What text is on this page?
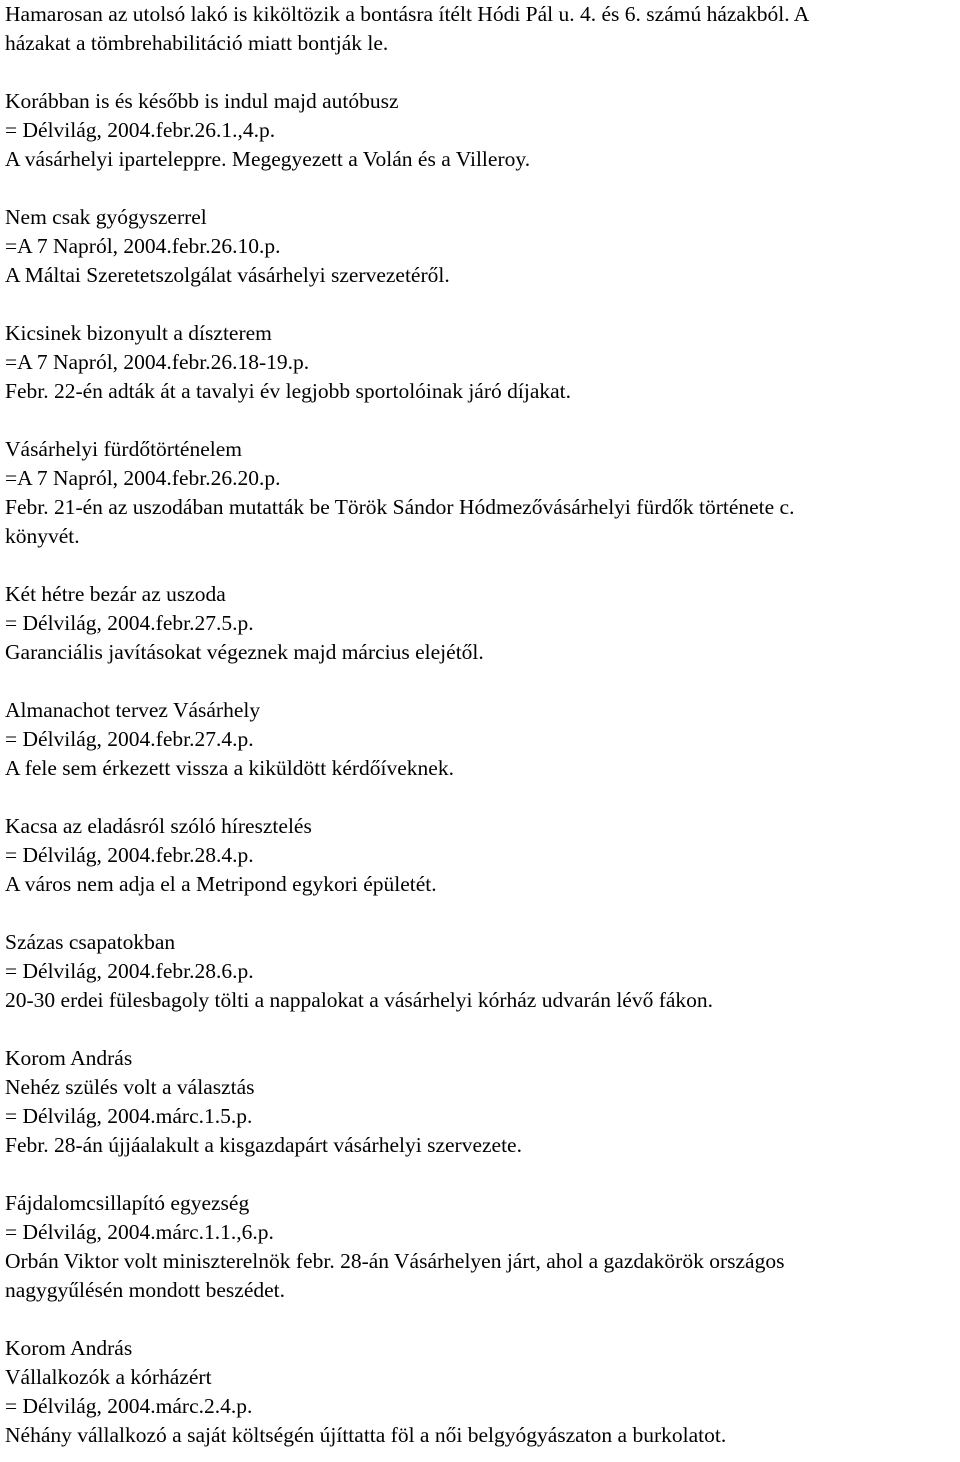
Hamarosan az utolsó lakó is kiköltözik a bontásra ítélt Hódi Pál u. 4. és 6. számú házakból. A
házakat a tömbrehabilitáció miatt bontják le.
Korábban is és később is indul majd autóbusz
= Délvilág, 2004.febr.26.1.,4.p.
A vásárhelyi iparteleppre. Megegyezett a Volán és a Villeroy.
Nem csak gyógyszerrel
=A 7 Napról, 2004.febr.26.10.p.
A Máltai Szeretetszolgálat vásárhelyi szervezetéről.
Kicsinek bizonyult a díszterem
=A 7 Napról, 2004.febr.26.18-19.p.
Febr. 22-én adták át a tavalyi év legjobb sportolóinak járó díjakat.
Vásárhelyi fürdőtörténelem
=A 7 Napról, 2004.febr.26.20.p.
Febr. 21-én az uszodában mutatták be Török Sándor Hódmezővásárhelyi fürdők története c.
könyvét.
Két hétre bezár az uszoda
= Délvilág, 2004.febr.27.5.p.
Garanciális javításokat végeznek majd március elejétől.
Almanachot tervez Vásárhely
= Délvilág, 2004.febr.27.4.p.
A fele sem érkezett vissza a kiküldött kérdőíveknek.
Kacsa az eladásról szóló híresztelés
= Délvilág, 2004.febr.28.4.p.
A város nem adja el a Metripond egykori épületét.
Százas csapatokban
= Délvilág, 2004.febr.28.6.p.
20-30 erdei fülesbagoly tölti a nappalokat a vásárhelyi kórház udvarán lévő fákon.
Korom András
Nehéz szülés volt a választás
= Délvilág, 2004.márc.1.5.p.
Febr. 28-án újjáalakult a kisgazdapárt vásárhelyi szervezete.
Fájdalomcsillapító egyezség
= Délvilág, 2004.márc.1.1.,6.p.
Orbán Viktor volt miniszterelnök febr. 28-án Vásárhelyen járt, ahol a gazdakörök országos
nagygyűlésén mondott beszédet.
Korom András
Vállalkozók a kórházért
= Délvilág, 2004.márc.2.4.p.
Néhány vállalkozó a saját költségén újíttatta föl a női belgyógyászaton a burkolatot.
